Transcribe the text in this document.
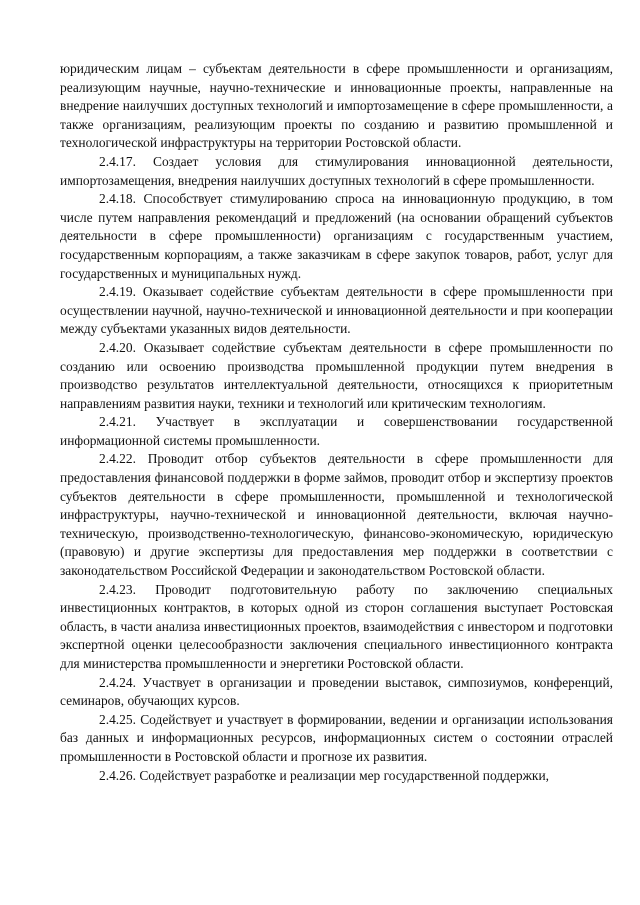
юридическим лицам – субъектам деятельности в сфере промышленности и организациям, реализующим научные, научно-технические и инновационные проекты, направленные на внедрение наилучших доступных технологий и импортозамещение в сфере промышленности, а также организациям, реализующим проекты по созданию и развитию промышленной и технологической инфраструктуры на территории Ростовской области.

2.4.17. Создает условия для стимулирования инновационной деятельности, импортозамещения, внедрения наилучших доступных технологий в сфере промышленности.

2.4.18. Способствует стимулированию спроса на инновационную продукцию, в том числе путем направления рекомендаций и предложений (на основании обращений субъектов деятельности в сфере промышленности) организациям с государственным участием, государственным корпорациям, а также заказчикам в сфере закупок товаров, работ, услуг для государственных и муниципальных нужд.

2.4.19. Оказывает содействие субъектам деятельности в сфере промышленности при осуществлении научной, научно-технической и инновационной деятельности и при кооперации между субъектами указанных видов деятельности.

2.4.20. Оказывает содействие субъектам деятельности в сфере промышленности по созданию или освоению производства промышленной продукции путем внедрения в производство результатов интеллектуальной деятельности, относящихся к приоритетным направлениям развития науки, техники и технологий или критическим технологиям.

2.4.21. Участвует в эксплуатации и совершенствовании государственной информационной системы промышленности.

2.4.22. Проводит отбор субъектов деятельности в сфере промышленности для предоставления финансовой поддержки в форме займов, проводит отбор и экспертизу проектов субъектов деятельности в сфере промышленности, промышленной и технологической инфраструктуры, научно-технической и инновационной деятельности, включая научно-техническую, производственно-технологическую, финансово-экономическую, юридическую (правовую) и другие экспертизы для предоставления мер поддержки в соответствии с законодательством Российской Федерации и законодательством Ростовской области.

2.4.23. Проводит подготовительную работу по заключению специальных инвестиционных контрактов, в которых одной из сторон соглашения выступает Ростовская область, в части анализа инвестиционных проектов, взаимодействия с инвестором и подготовки экспертной оценки целесообразности заключения специального инвестиционного контракта для министерства промышленности и энергетики Ростовской области.

2.4.24. Участвует в организации и проведении выставок, симпозиумов, конференций, семинаров, обучающих курсов.

2.4.25. Содействует и участвует в формировании, ведении и организации использования баз данных и информационных ресурсов, информационных систем о состоянии отраслей промышленности в Ростовской области и прогнозе их развития.

2.4.26. Содействует разработке и реализации мер государственной поддержки,
